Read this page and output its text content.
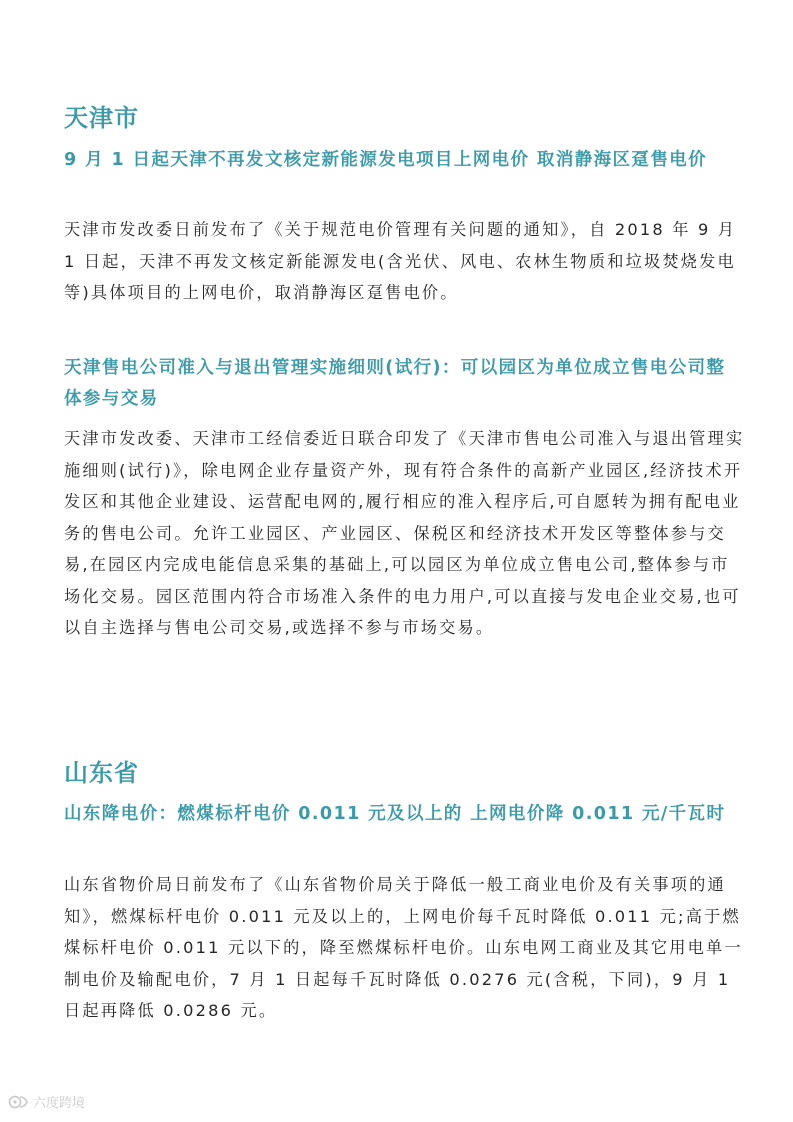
天津市
9 月 1 日起天津不再发文核定新能源发电项目上网电价 取消静海区趸售电价
天津市发改委日前发布了《关于规范电价管理有关问题的通知》，自 2018 年 9 月 1 日起，天津不再发文核定新能源发电(含光伏、风电、农林生物质和垃圾焚烧发电等)具体项目的上网电价，取消静海区趸售电价。
天津售电公司准入与退出管理实施细则(试行)：可以园区为单位成立售电公司整体参与交易
天津市发改委、天津市工经信委近日联合印发了《天津市售电公司准入与退出管理实施细则(试行)》，除电网企业存量资产外，现有符合条件的高新产业园区,经济技术开发区和其他企业建设、运营配电网的,履行相应的准入程序后,可自愿转为拥有配电业务的售电公司。允许工业园区、产业园区、保税区和经济技术开发区等整体参与交易,在园区内完成电能信息采集的基础上,可以园区为单位成立售电公司,整体参与市场化交易。园区范围内符合市场准入条件的电力用户,可以直接与发电企业交易,也可以自主选择与售电公司交易,或选择不参与市场交易。
山东省
山东降电价：燃煤标杆电价 0.011 元及以上的 上网电价降 0.011 元/千瓦时
山东省物价局日前发布了《山东省物价局关于降低一般工商业电价及有关事项的通知》，燃煤标杆电价 0.011 元及以上的，上网电价每千瓦时降低 0.011 元;高于燃煤标杆电价 0.011 元以下的，降至燃煤标杆电价。山东电网工商业及其它用电单一制电价及输配电价，7 月 1 日起每千瓦时降低 0.0276 元(含税，下同)，9 月 1 日起再降低 0.0286 元。
六度跨境
